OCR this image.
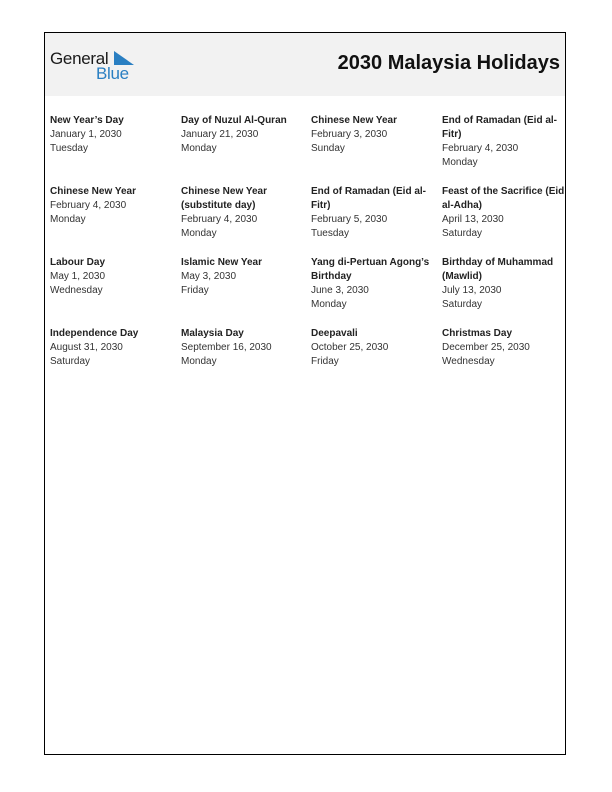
General
Blue	2030 Malaysia Holidays
New Year’s Day
January 1, 2030
Tuesday
Day of Nuzul Al-Quran
January 21, 2030
Monday
Chinese New Year
February 3, 2030
Sunday
End of Ramadan (Eid al-Fitr)
February 4, 2030
Monday
Chinese New Year
February 4, 2030
Monday
Chinese New Year (substitute day)
February 4, 2030
Monday
End of Ramadan (Eid al-Fitr)
February 5, 2030
Tuesday
Feast of the Sacrifice (Eid al-Adha)
April 13, 2030
Saturday
Labour Day
May 1, 2030
Wednesday
Islamic New Year
May 3, 2030
Friday
Yang di-Pertuan Agong’s Birthday
June 3, 2030
Monday
Birthday of Muhammad (Mawlid)
July 13, 2030
Saturday
Independence Day
August 31, 2030
Saturday
Malaysia Day
September 16, 2030
Monday
Deepavali
October 25, 2030
Friday
Christmas Day
December 25, 2030
Wednesday
